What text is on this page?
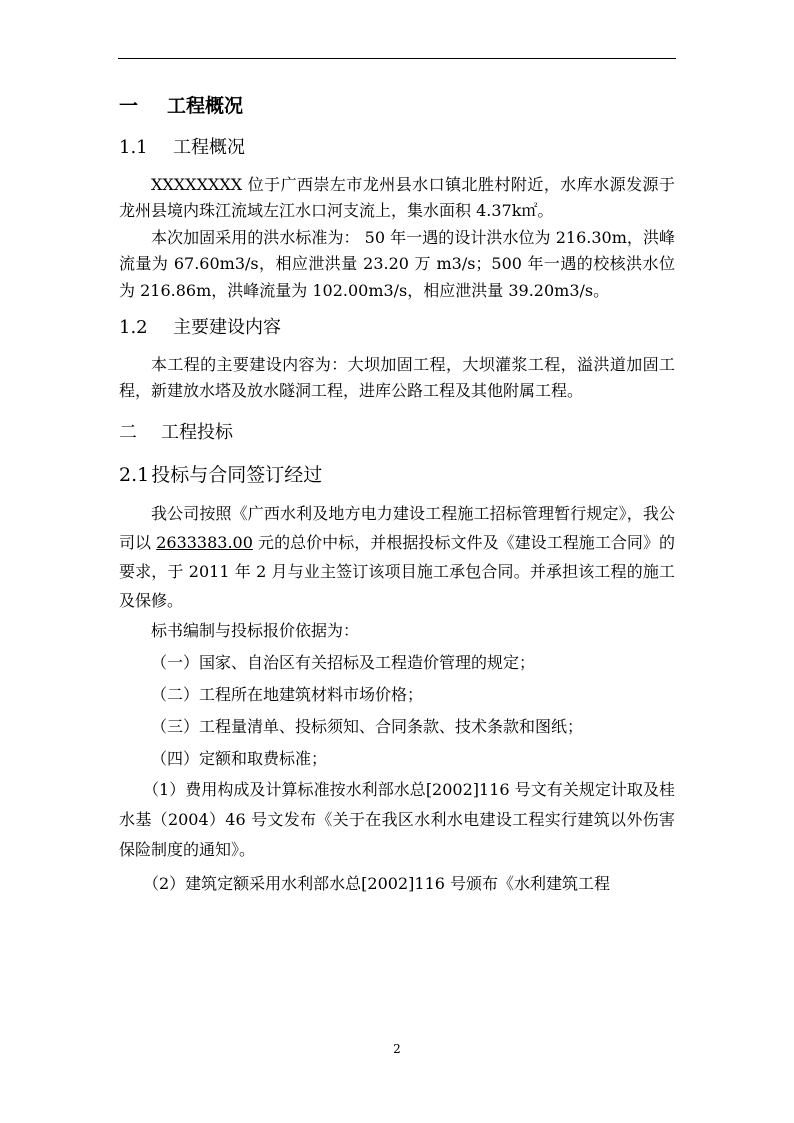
一 工程概况
1.1 工程概况

XXXXXXXX 位于广西崇左市龙州县水口镇北胜村附近，水库水源发源于龙州县境内珠江流域左江水口河支流上，集水面积 4.37k㎡。

本次加固采用的洪水标准为： 50 年一遇的设计洪水位为 216.30m，洪峰流量为 67.60m3/s，相应泄洪量 23.20 万 m3/s；500 年一遇的校核洪水位为 216.86m，洪峰流量为 102.00m3/s，相应泄洪量 39.20m3/s。

1.2 主要建设内容

本工程的主要建设内容为：大坝加固工程，大坝灌浆工程，溢洪道加固工程，新建放水塔及放水隧洞工程，进库公路工程及其他附属工程。

二 工程投标
2.1 投标与合同签订经过

我公司按照《广西水利及地方电力建设工程施工招标管理暂行规定》，我公司以 2633383.00 元的总价中标，并根据投标文件及《建设工程施工合同》的要求，于 2011 年 2 月与业主签订该项目施工承包合同。并承担该工程的施工及保修。

标书编制与投标报价依据为：

（一）国家、自治区有关招标及工程造价管理的规定；

（二）工程所在地建筑材料市场价格；

（三）工程量清单、投标须知、合同条款、技术条款和图纸；

（四）定额和取费标准；

（1）费用构成及计算标准按水利部水总[2002]116 号文有关规定计取及桂水基（2004）46 号文发布《关于在我区水利水电建设工程实行建筑以外伤害保险制度的通知》。

（2）建筑定额采用水利部水总[2002]116 号颁布《水利建筑工程

2
